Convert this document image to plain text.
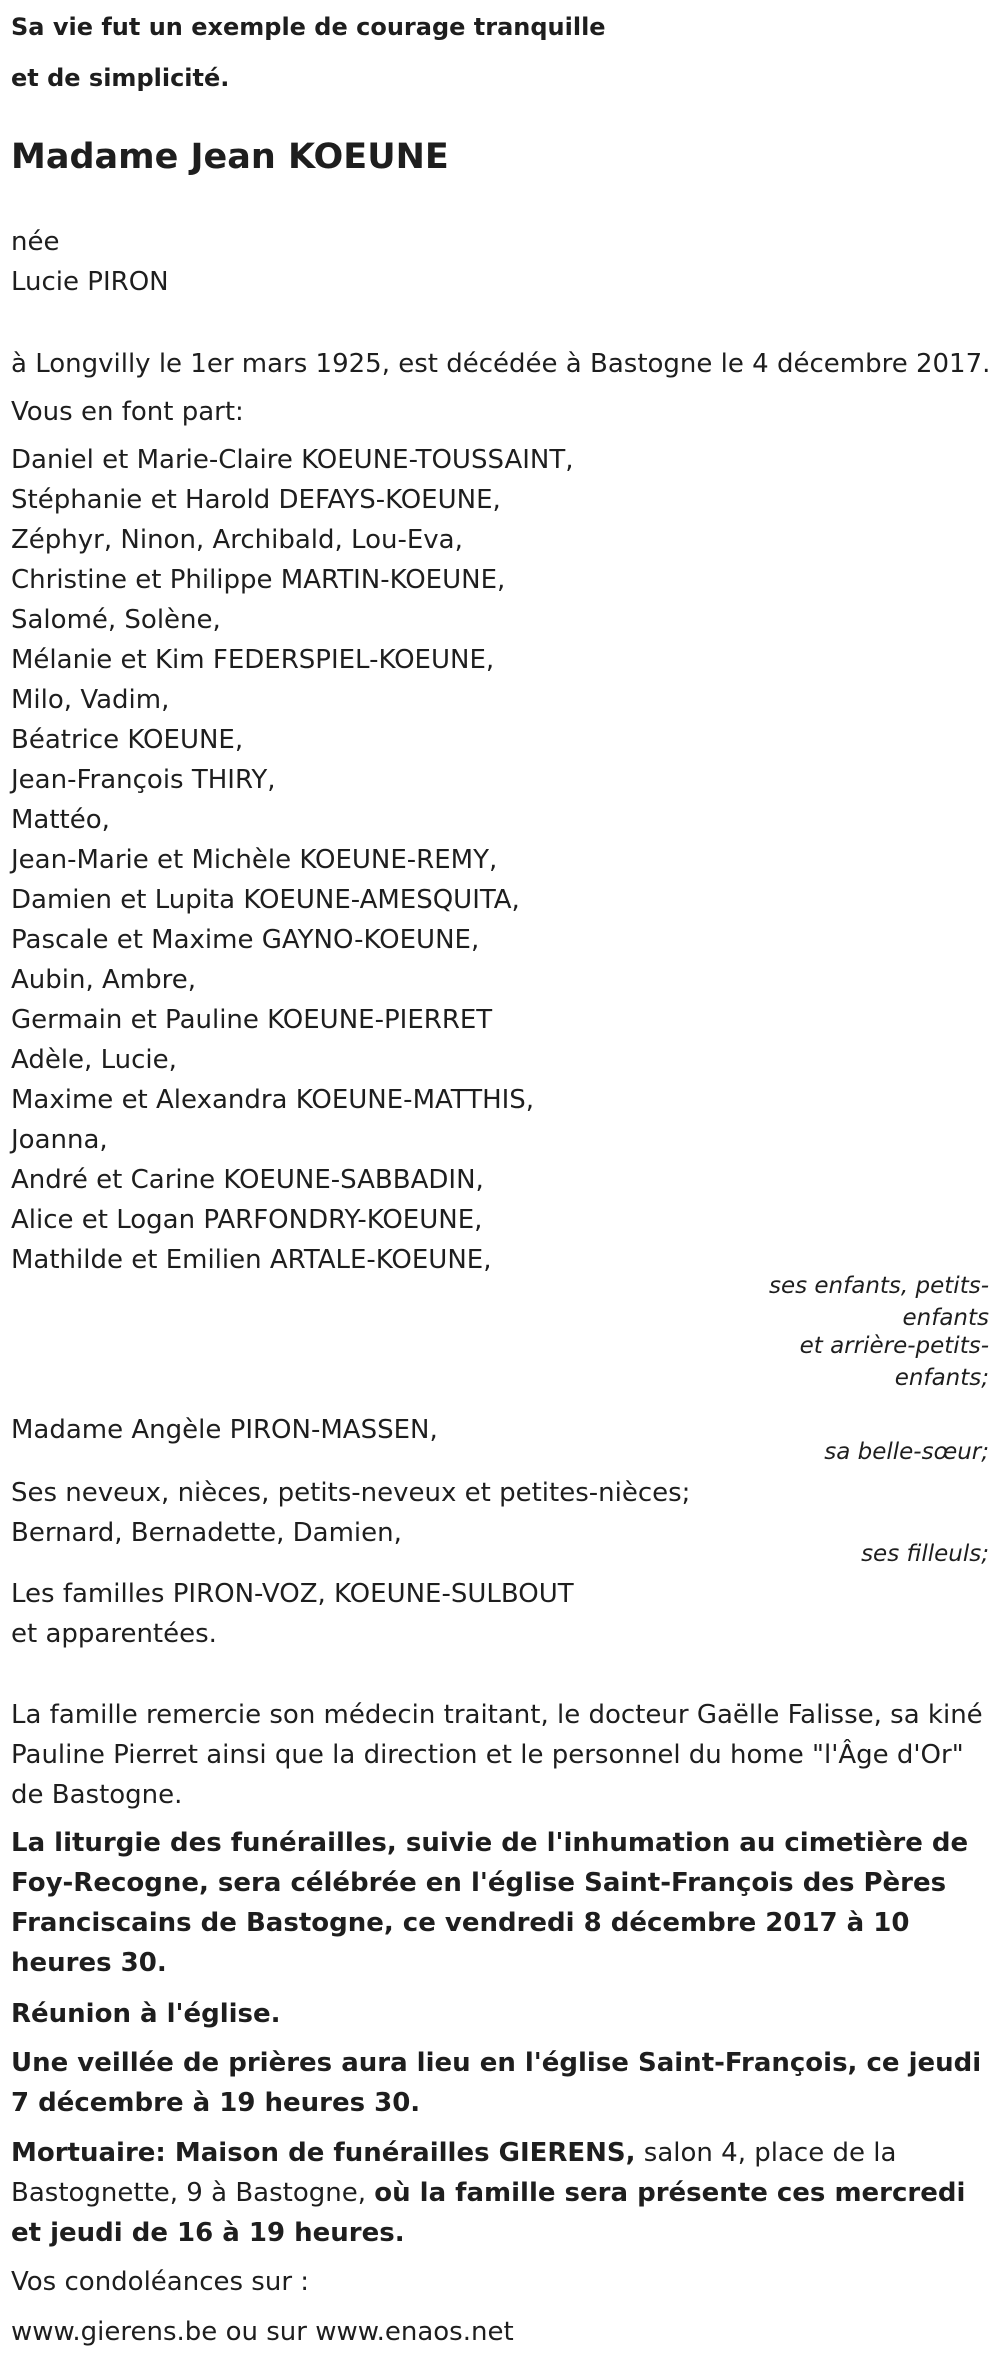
Sa vie fut un exemple de courage tranquille
et de simplicité.
Madame Jean KOEUNE
née
Lucie PIRON
à Longvilly le 1er mars 1925, est décédée à Bastogne le 4 décembre 2017.
Vous en font part:
Daniel et Marie-Claire KOEUNE-TOUSSAINT,
Stéphanie et Harold DEFAYS-KOEUNE,
Zéphyr, Ninon, Archibald, Lou-Eva,
Christine et Philippe MARTIN-KOEUNE,
Salomé, Solène,
Mélanie et Kim FEDERSPIEL-KOEUNE,
Milo, Vadim,
Béatrice KOEUNE,
Jean-François THIRY,
Mattéo,
Jean-Marie et Michèle KOEUNE-REMY,
Damien et Lupita KOEUNE-AMESQUITA,
Pascale et Maxime GAYNO-KOEUNE,
Aubin, Ambre,
Germain et Pauline KOEUNE-PIERRET
Adèle, Lucie,
Maxime et Alexandra KOEUNE-MATTHIS,
Joanna,
André et Carine KOEUNE-SABBADIN,
Alice et Logan PARFONDRY-KOEUNE,
Mathilde et Emilien ARTALE-KOEUNE,

ses enfants, petits-enfants

et arrière-petits-enfants;

Madame Angèle PIRON-MASSEN,

sa belle-sœur;

Ses neveux, nièces, petits-neveux et petites-nièces;
Bernard, Bernadette, Damien,

ses filleuls;

Les familles PIRON-VOZ, KOEUNE-SULBOUT
et apparentées.

La famille remercie son médecin traitant, le docteur Gaëlle Falisse, sa kiné Pauline Pierret ainsi que la direction et le personnel du home "l'Âge d'Or" de Bastogne.

La liturgie des funérailles, suivie de l'inhumation au cimetière de Foy-Recogne, sera célébrée en l'église Saint-François des Pères Franciscains de Bastogne, ce vendredi 8 décembre 2017 à 10 heures 30.

Réunion à l'église.

Une veillée de prières aura lieu en l'église Saint-François, ce jeudi 7 décembre à 19 heures 30.

Mortuaire: Maison de funérailles GIERENS, salon 4, place de la Bastognette, 9 à Bastogne, où la famille sera présente ces mercredi et jeudi de 16 à 19 heures.

Vos condoléances sur :
www.gierens.be ou sur www.enaos.net
